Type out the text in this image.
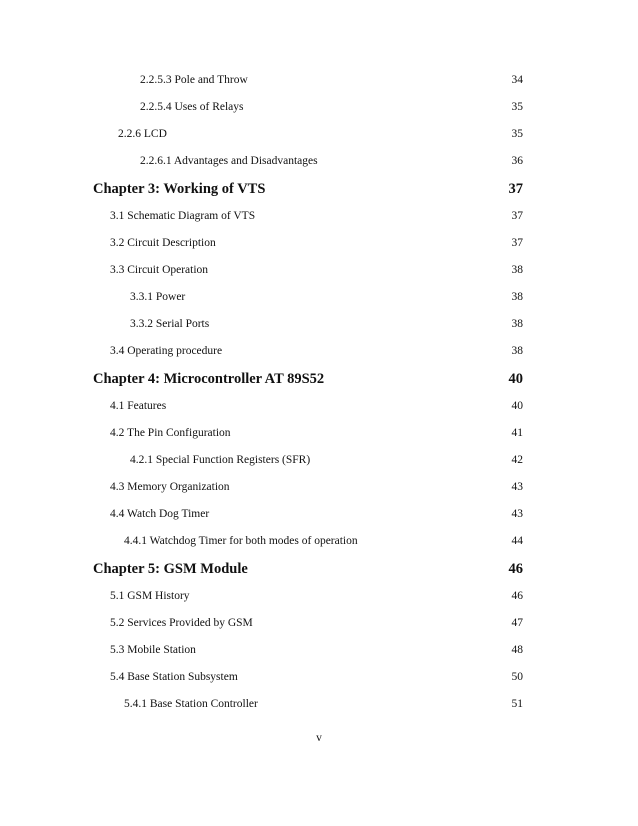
2.2.5.3 Pole and Throw	34
2.2.5.4 Uses of Relays	35
2.2.6 LCD	35
2.2.6.1 Advantages and Disadvantages	36
Chapter 3: Working of VTS	37
3.1 Schematic Diagram of VTS	37
3.2 Circuit Description	37
3.3 Circuit Operation	38
3.3.1 Power	38
3.3.2 Serial Ports	38
3.4 Operating procedure	38
Chapter 4: Microcontroller AT 89S52	40
4.1 Features	40
4.2 The Pin Configuration	41
4.2.1 Special Function Registers (SFR)	42
4.3 Memory Organization	43
4.4 Watch Dog Timer	43
4.4.1 Watchdog Timer for both modes of operation	44
Chapter 5: GSM Module	46
5.1 GSM History	46
5.2 Services Provided by GSM	47
5.3 Mobile Station	48
5.4 Base Station Subsystem	50
5.4.1 Base Station Controller	51
v
